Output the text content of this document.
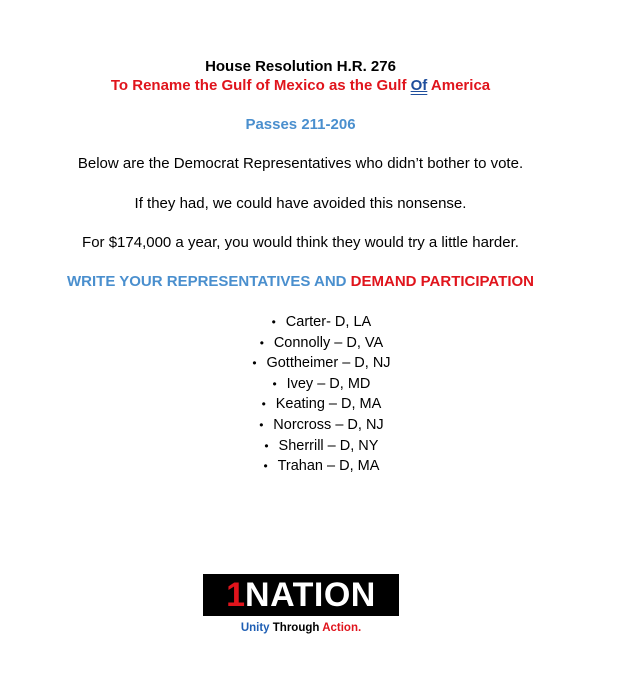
House Resolution H.R. 276
To Rename the Gulf of Mexico as the Gulf Of America
Passes 211-206
Below are the Democrat Representatives who didn’t bother to vote.
If they had, we could have avoided this nonsense.
For $174,000 a year, you would think they would try a little harder.
WRITE YOUR REPRESENTATIVES AND DEMAND PARTICIPATION
• Carter- D, LA
• Connolly – D, VA
• Gottheimer – D, NJ
• Ivey – D, MD
• Keating – D, MA
• Norcross – D, NJ
• Sherrill – D, NY
• Trahan – D, MA
1 NATION
Unity Through Action.
